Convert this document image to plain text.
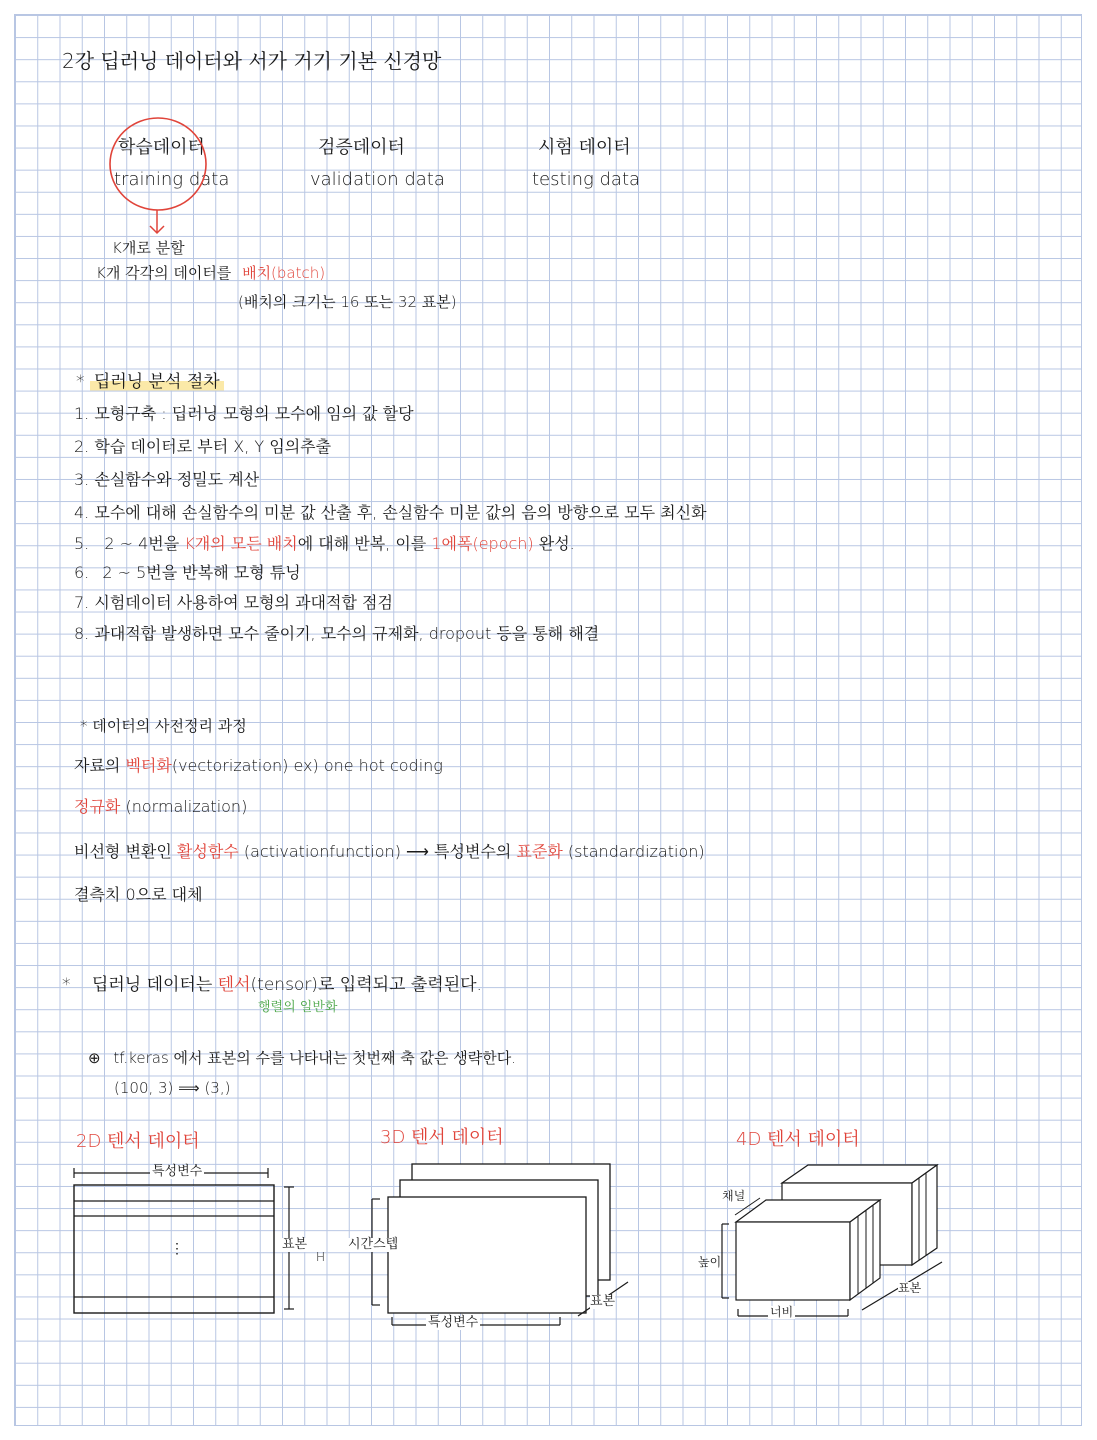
2강 딥러닝 데이터와 서가 거기 기본 신경망
학습데이터
training data
검증데이터
validation data
시험 데이터
testing data
K개로 분할
K개 각각의 데이터를 배치(batch)
(배치의 크기는 16 또는 32 표본)
* 딥러닝 분석 절차
1. 모형구축 : 딥러닝 모형의 모수에 임의 값 할당
2. 학습 데이터로 부터 X, Y 임의추출
3. 손실함수와 정밀도 계산
4. 모수에 대해 손실함수의 미분 값 산출 후, 손실함수 미분 값의 음의 방향으로 모두 최신화
5. 2 ~ 4번을 K개의 모든 배치에 대해 반복, 이를 1에폭(epoch) 완성.
6. 2 ~ 5번을 반복해 모형 튜닝
7. 시험데이터 사용하여 모형의 과대적합 점검
8. 과대적합 발생하면 모수 줄이기, 모수의 규제화, dropout 등을 통해 해결
* 데이터의 사전정리 과정
자료의 벡터화(vectorization) ex) one hot coding
정규화 (normalization)
비선형 변환인 활성함수 (activationfunction) ⟶ 특성변수의 표준화 (standardization)
결측치 0으로 대체
* 딥러닝 데이터는 텐서(tensor)로 입력되고 출력된다.
행렬의 일반화
⊕ tf.keras 에서 표본의 수를 나타내는 첫번째 축 값은 생략한다.
(100, 3) ⟹ (3,)
2D 텐서 데이터	3D 텐서 데이터	4D 텐서 데이터
특성변수
⋮	표본
H
시간스텝
특성변수
표본
채널
높이
너비
표본
